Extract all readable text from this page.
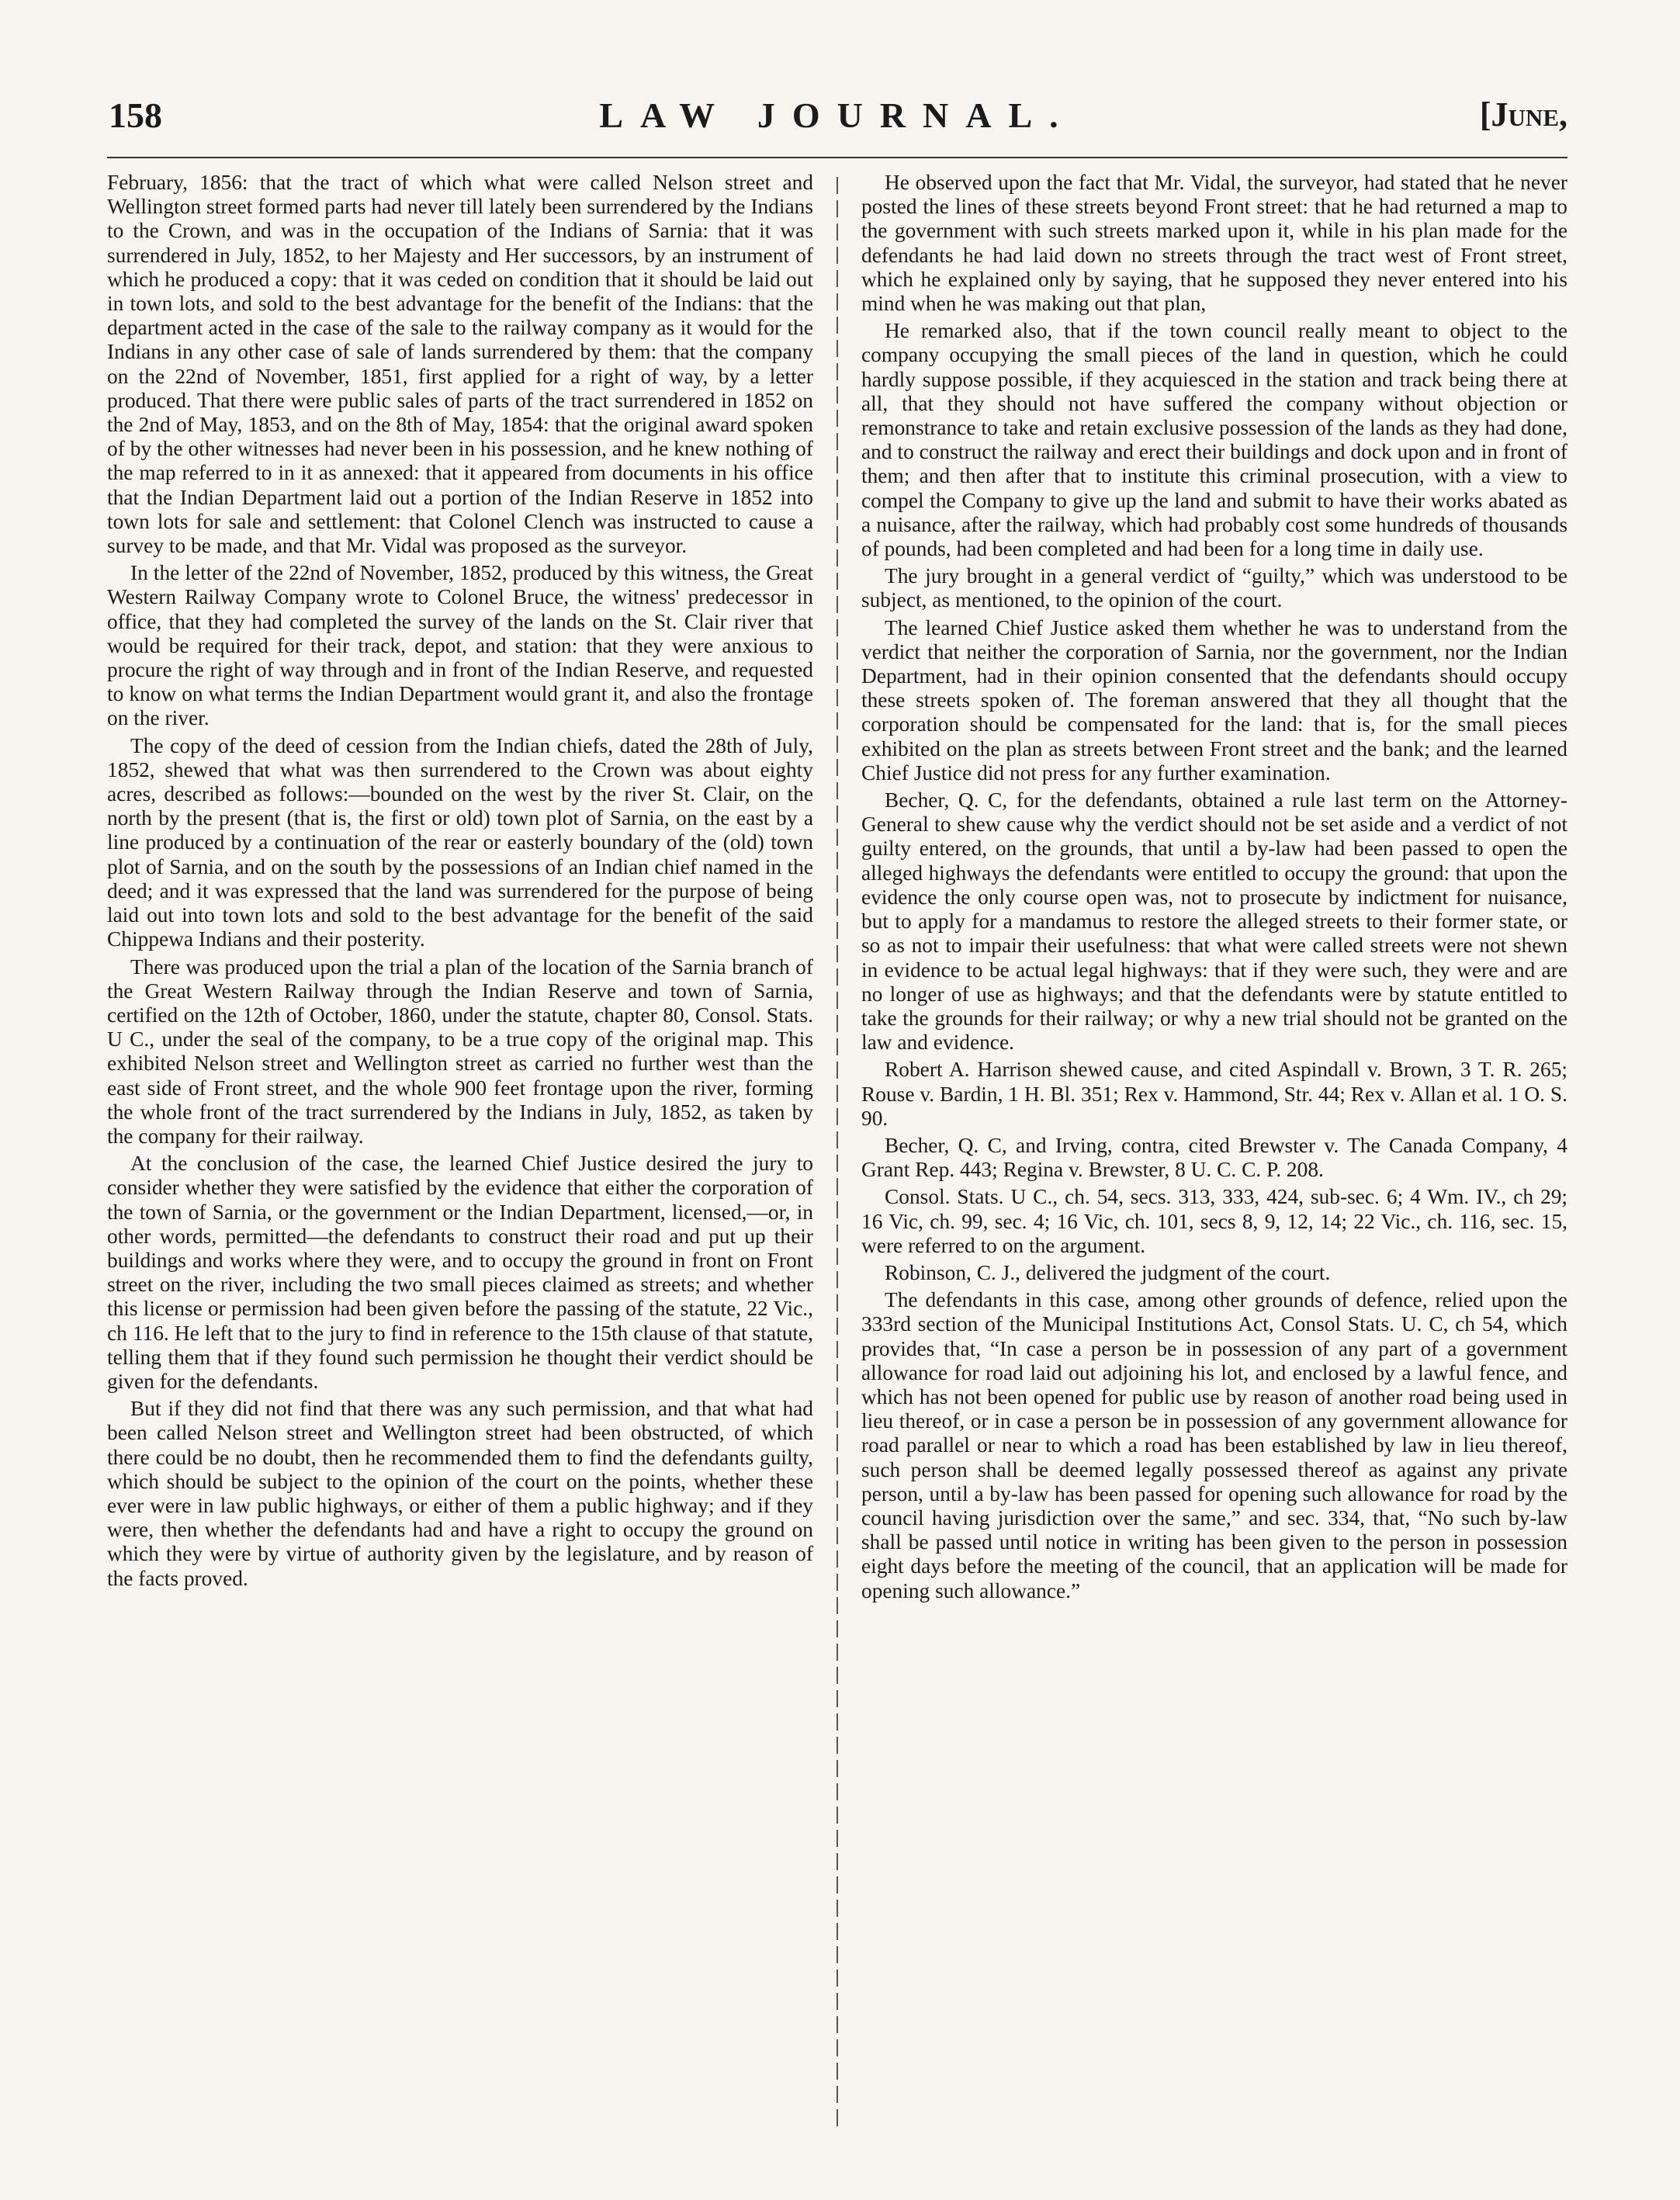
158	LAW JOURNAL.	[June,

February, 1856: that the tract of which what were called Nelson street and Wellington street formed parts had never till lately been surrendered by the Indians to the Crown, and was in the occupation of the Indians of Sarnia: that it was surrendered in July, 1852, to her Majesty and Her successors, by an instrument of which he produced a copy: that it was ceded on condition that it should be laid out in town lots, and sold to the best advantage for the benefit of the Indians: that the department acted in the case of the sale to the railway company as it would for the Indians in any other case of sale of lands surrendered by them: that the company on the 22nd of November, 1851, first applied for a right of way, by a letter produced. That there were public sales of parts of the tract surrendered in 1852 on the 2nd of May, 1853, and on the 8th of May, 1854: that the original award spoken of by the other witnesses had never been in his possession, and he knew nothing of the map referred to in it as annexed: that it appeared from documents in his office that the Indian Department laid out a portion of the Indian Reserve in 1852 into town lots for sale and settlement: that Colonel Clench was instructed to cause a survey to be made, and that Mr. Vidal was proposed as the surveyor.

In the letter of the 22nd of November, 1852, produced by this witness, the Great Western Railway Company wrote to Colonel Bruce, the witness' predecessor in office, that they had completed the survey of the lands on the St. Clair river that would be required for their track, depot, and station: that they were anxious to procure the right of way through and in front of the Indian Reserve, and requested to know on what terms the Indian Department would grant it, and also the frontage on the river.

The copy of the deed of cession from the Indian chiefs, dated the 28th of July, 1852, shewed that what was then surrendered to the Crown was about eighty acres, described as follows:—bounded on the west by the river St. Clair, on the north by the present (that is, the first or old) town plot of Sarnia, on the east by a line produced by a continuation of the rear or easterly boundary of the (old) town plot of Sarnia, and on the south by the possessions of an Indian chief named in the deed; and it was expressed that the land was surrendered for the purpose of being laid out into town lots and sold to the best advantage for the benefit of the said Chippewa Indians and their posterity.

There was produced upon the trial a plan of the location of the Sarnia branch of the Great Western Railway through the Indian Reserve and town of Sarnia, certified on the 12th of October, 1860, under the statute, chapter 80, Consol. Stats. U C., under the seal of the company, to be a true copy of the original map. This exhibited Nelson street and Wellington street as carried no further west than the east side of Front street, and the whole 900 feet frontage upon the river, forming the whole front of the tract surrendered by the Indians in July, 1852, as taken by the company for their railway.

At the conclusion of the case, the learned Chief Justice desired the jury to consider whether they were satisfied by the evidence that either the corporation of the town of Sarnia, or the government or the Indian Department, licensed,—or, in other words, permitted—the defendants to construct their road and put up their buildings and works where they were, and to occupy the ground in front on Front street on the river, including the two small pieces claimed as streets; and whether this license or permission had been given before the passing of the statute, 22 Vic., ch 116. He left that to the jury to find in reference to the 15th clause of that statute, telling them that if they found such permission he thought their verdict should be given for the defendants.

But if they did not find that there was any such permission, and that what had been called Nelson street and Wellington street had been obstructed, of which there could be no doubt, then he recommended them to find the defendants guilty, which should be subject to the opinion of the court on the points, whether these ever were in law public highways, or either of them a public highway; and if they were, then whether the defendants had and have a right to occupy the ground on which they were by virtue of authority given by the legislature, and by reason of the facts proved.

He observed upon the fact that Mr. Vidal, the surveyor, had stated that he never posted the lines of these streets beyond Front street: that he had returned a map to the government with such streets marked upon it, while in his plan made for the defendants he had laid down no streets through the tract west of Front street, which he explained only by saying, that he supposed they never entered into his mind when he was making out that plan,

He remarked also, that if the town council really meant to object to the company occupying the small pieces of the land in question, which he could hardly suppose possible, if they acquiesced in the station and track being there at all, that they should not have suffered the company without objection or remonstrance to take and retain exclusive possession of the lands as they had done, and to construct the railway and erect their buildings and dock upon and in front of them; and then after that to institute this criminal prosecution, with a view to compel the Company to give up the land and submit to have their works abated as a nuisance, after the railway, which had probably cost some hundreds of thousands of pounds, had been completed and had been for a long time in daily use.

The jury brought in a general verdict of “guilty,” which was understood to be subject, as mentioned, to the opinion of the court.

The learned Chief Justice asked them whether he was to understand from the verdict that neither the corporation of Sarnia, nor the government, nor the Indian Department, had in their opinion consented that the defendants should occupy these streets spoken of. The foreman answered that they all thought that the corporation should be compensated for the land: that is, for the small pieces exhibited on the plan as streets between Front street and the bank; and the learned Chief Justice did not press for any further examination.

Becher, Q. C, for the defendants, obtained a rule last term on the Attorney-General to shew cause why the verdict should not be set aside and a verdict of not guilty entered, on the grounds, that until a by-law had been passed to open the alleged highways the defendants were entitled to occupy the ground: that upon the evidence the only course open was, not to prosecute by indictment for nuisance, but to apply for a mandamus to restore the alleged streets to their former state, or so as not to impair their usefulness: that what were called streets were not shewn in evidence to be actual legal highways: that if they were such, they were and are no longer of use as highways; and that the defendants were by statute entitled to take the grounds for their railway; or why a new trial should not be granted on the law and evidence.

Robert A. Harrison shewed cause, and cited Aspindall v. Brown, 3 T. R. 265; Rouse v. Bardin, 1 H. Bl. 351; Rex v. Hammond, Str. 44; Rex v. Allan et al. 1 O. S. 90.

Becher, Q. C, and Irving, contra, cited Brewster v. The Canada Company, 4 Grant Rep. 443; Regina v. Brewster, 8 U. C. C. P. 208.

Consol. Stats. U C., ch. 54, secs. 313, 333, 424, sub-sec. 6; 4 Wm. IV., ch 29; 16 Vic, ch. 99, sec. 4; 16 Vic, ch. 101, secs 8, 9, 12, 14; 22 Vic., ch. 116, sec. 15, were referred to on the argument.

Robinson, C. J., delivered the judgment of the court.

The defendants in this case, among other grounds of defence, relied upon the 333rd section of the Municipal Institutions Act, Consol Stats. U. C, ch 54, which provides that, “In case a person be in possession of any part of a government allowance for road laid out adjoining his lot, and enclosed by a lawful fence, and which has not been opened for public use by reason of another road being used in lieu thereof, or in case a person be in possession of any government allowance for road parallel or near to which a road has been established by law in lieu thereof, such person shall be deemed legally possessed thereof as against any private person, until a by-law has been passed for opening such allowance for road by the council having jurisdiction over the same,” and sec. 334, that, “No such by-law shall be passed until notice in writing has been given to the person in possession eight days before the meeting of the council, that an application will be made for opening such allowance.”
